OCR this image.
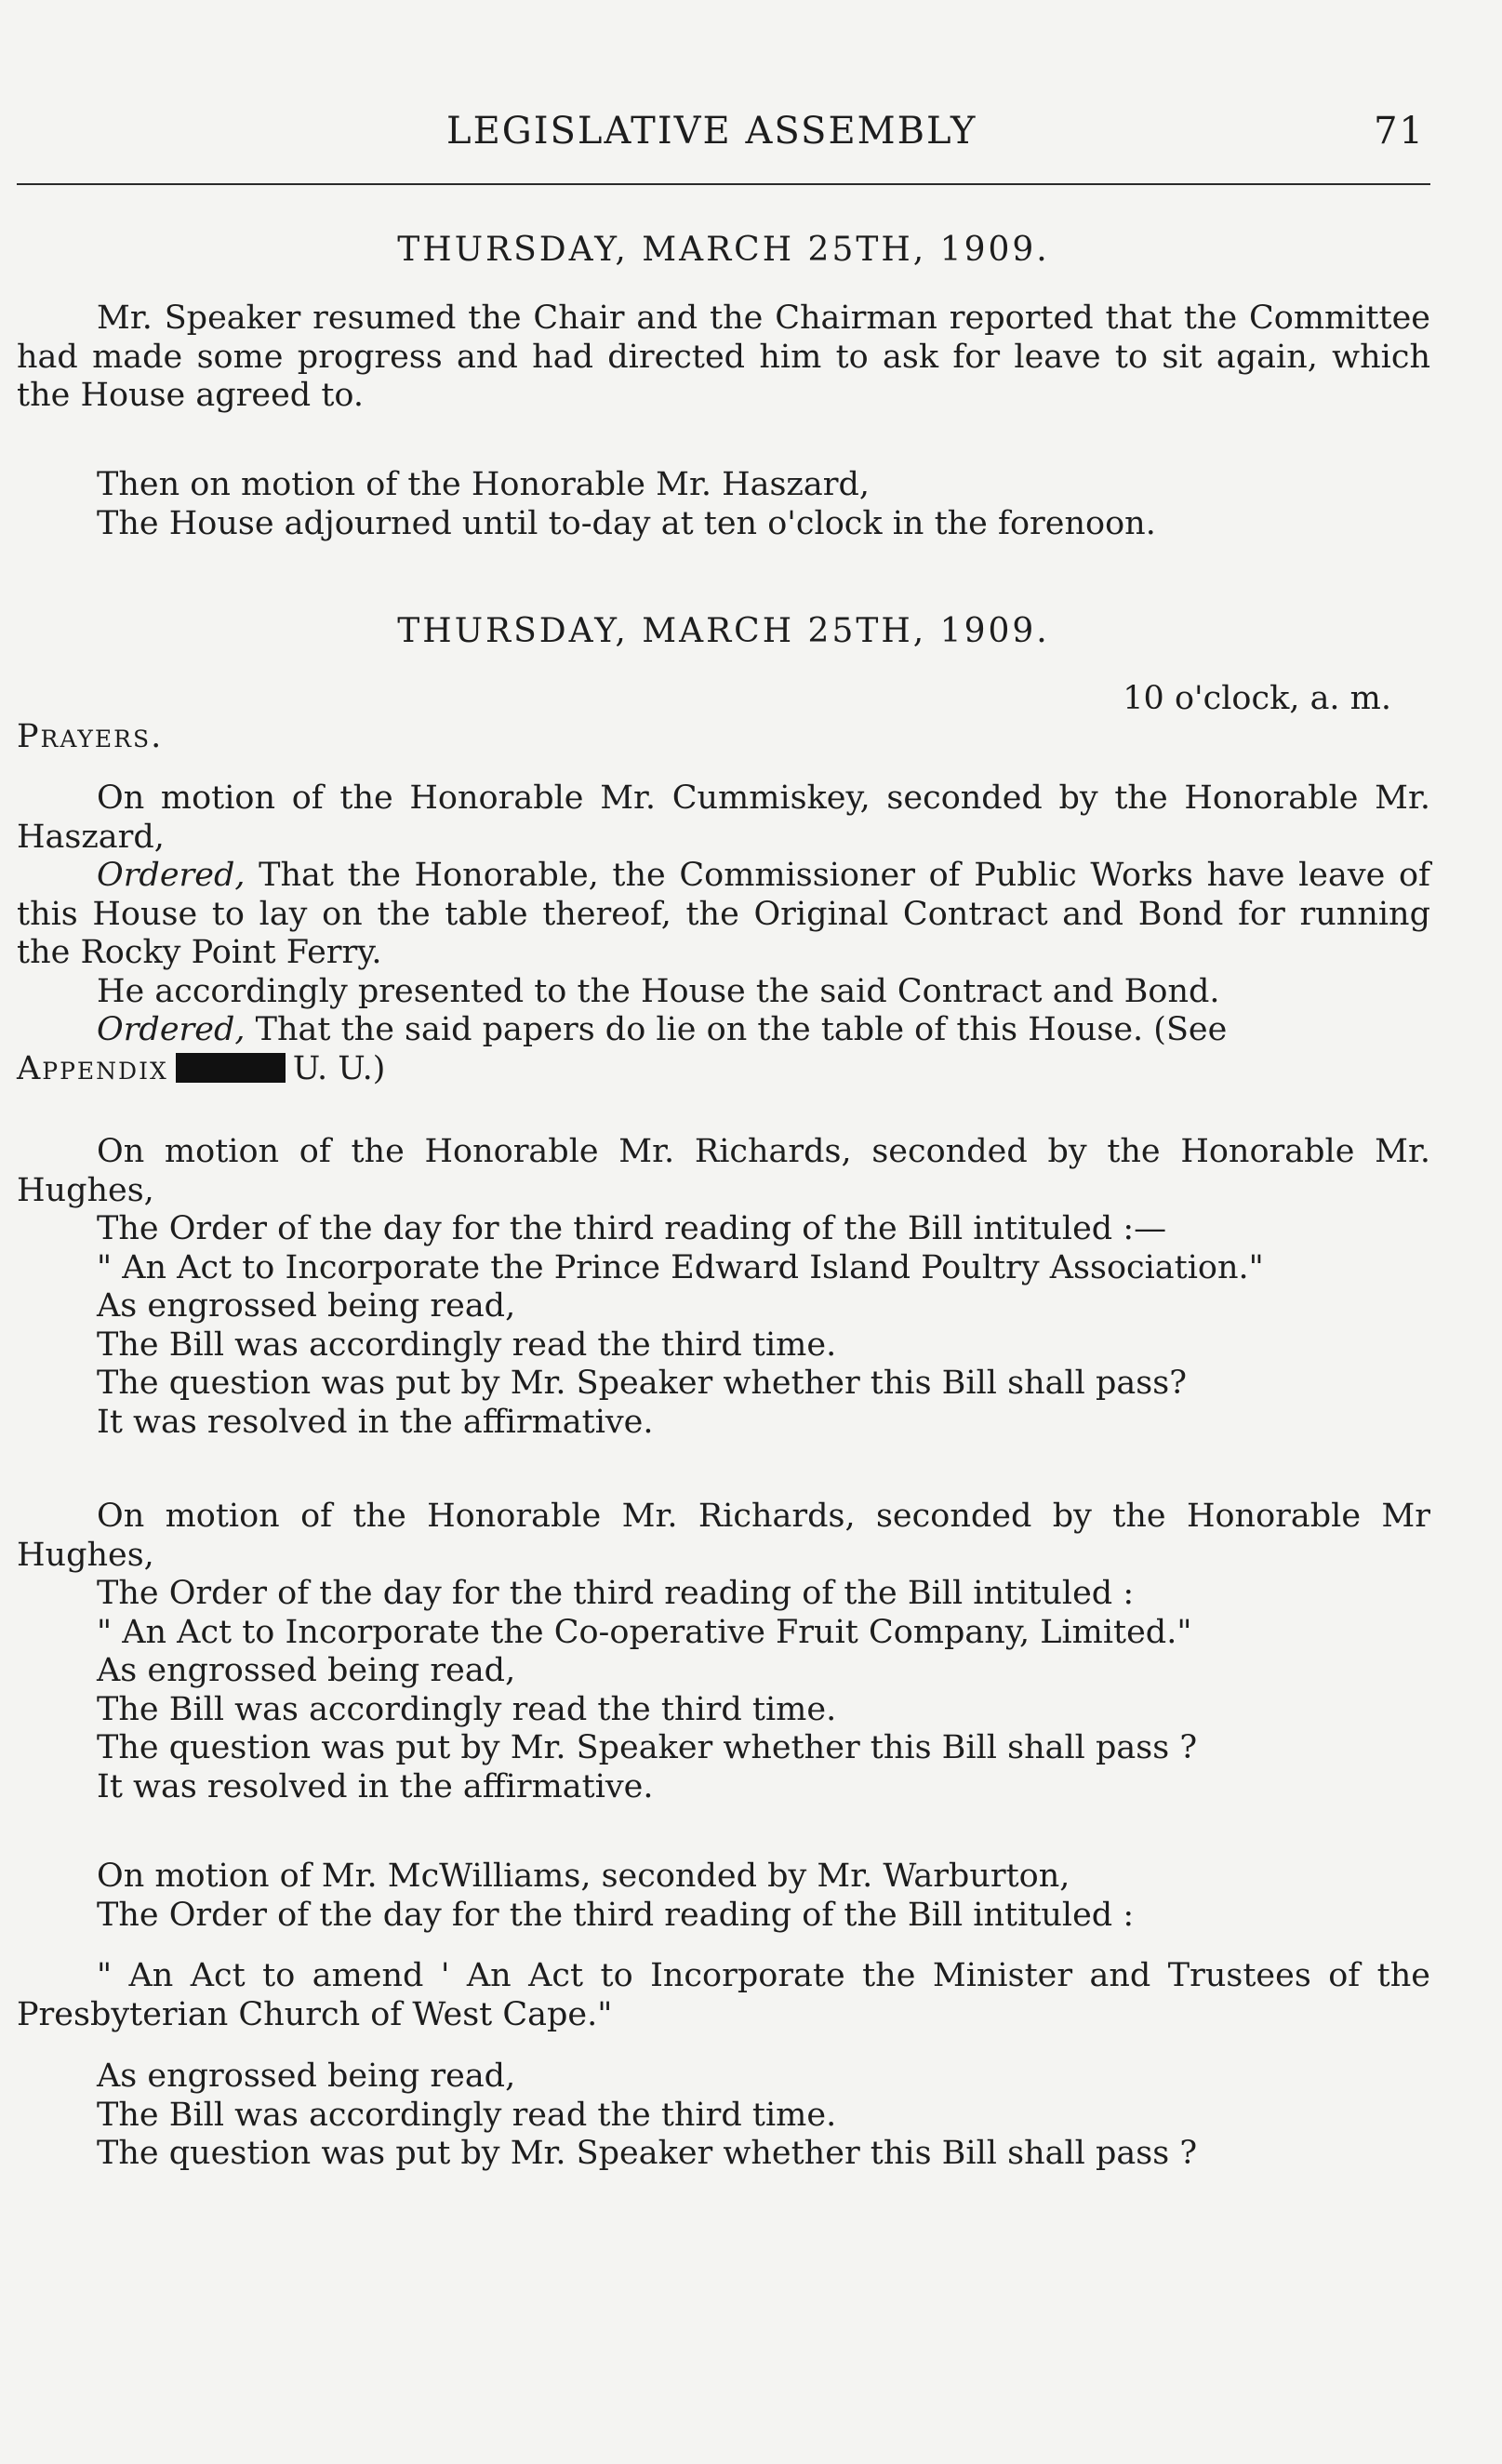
LEGISLATIVE ASSEMBLY	71
THURSDAY, MARCH 25TH, 1909.
Mr. Speaker resumed the Chair and the Chairman reported that the Committee had made some progress and had directed him to ask for leave to sit again, which the House agreed to.
Then on motion of the Honorable Mr. Haszard,
The House adjourned until to-day at ten o'clock in the forenoon.
THURSDAY, MARCH 25TH, 1909.
10 o'clock, a. m.
Prayers.
On motion of the Honorable Mr. Cummiskey, seconded by the Honorable Mr. Haszard,
Ordered, That the Honorable, the Commissioner of Public Works have leave of this House to lay on the table thereof, the Original Contract and Bond for running the Rocky Point Ferry.
He accordingly presented to the House the said Contract and Bond.
Ordered, That the said papers do lie on the table of this House. (See
Appendix	U. U.)
On motion of the Honorable Mr. Richards, seconded by the Honorable Mr. Hughes,
The Order of the day for the third reading of the Bill intituled :—
" An Act to Incorporate the Prince Edward Island Poultry Association."
As engrossed being read,
The Bill was accordingly read the third time.
The question was put by Mr. Speaker whether this Bill shall pass?
It was resolved in the affirmative.
On motion of the Honorable Mr. Richards, seconded by the Honorable Mr Hughes,
The Order of the day for the third reading of the Bill intituled :
" An Act to Incorporate the Co-operative Fruit Company, Limited."
As engrossed being read,
The Bill was accordingly read the third time.
The question was put by Mr. Speaker whether this Bill shall pass ?
It was resolved in the affirmative.
On motion of Mr. McWilliams, seconded by Mr. Warburton,
The Order of the day for the third reading of the Bill intituled :
" An Act to amend ' An Act to Incorporate the Minister and Trustees of the Presbyterian Church of West Cape."
As engrossed being read,
The Bill was accordingly read the third time.
The question was put by Mr. Speaker whether this Bill shall pass ?
